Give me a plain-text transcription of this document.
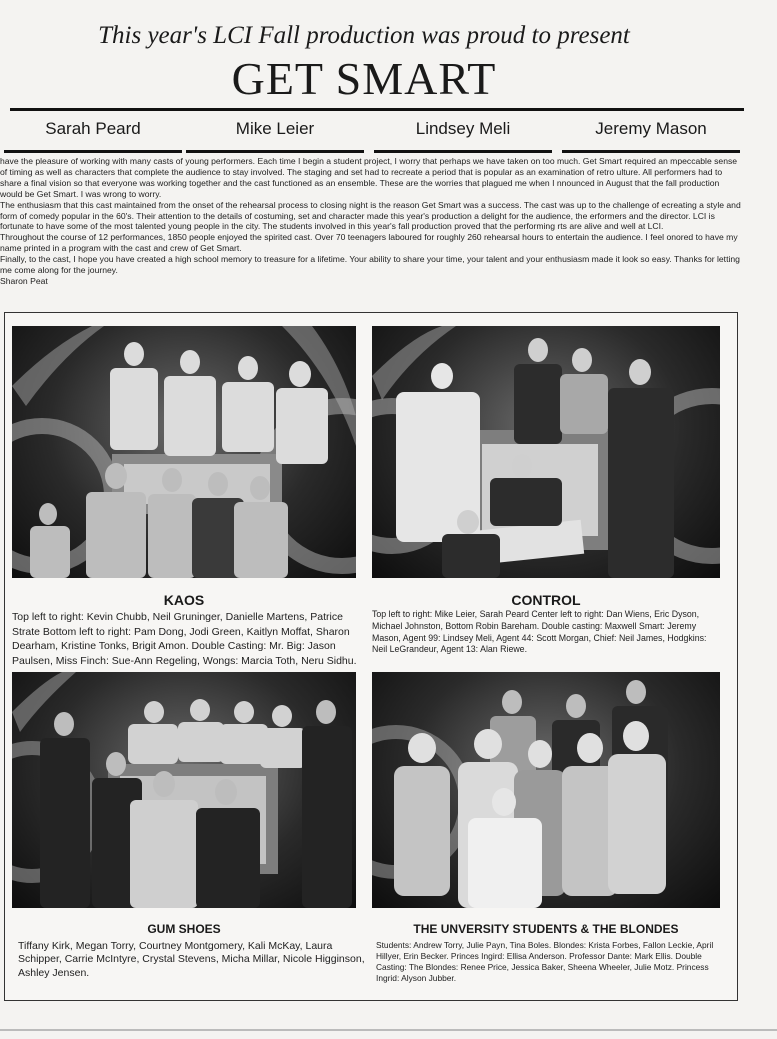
This year's LCI Fall production was proud to present
GET SMART
Sarah Peard	Mike Leier	Lindsey Meli	Jeremy Mason

have the pleasure of working with many casts of young performers. Each time I begin a student project, I worry that perhaps we have taken on too much. Get Smart required an mpeccable sense of timing as well as characters that complete the audience to stay involved. The staging and set had to recreate a period that is popular as an examination of retro ulture. All performers had to share a final vision so that everyone was working together and the cast functioned as an ensemble. These are the worries that plagued me when I nnounced in August that the fall production would be Get Smart. I was wrong to worry.

The enthusiasm that this cast maintained from the onset of the rehearsal process to closing night is the reason Get Smart was a success. The cast was up to the challenge of ecreating a style and form of comedy popular in the 60's. Their attention to the details of costuming, set and character made this year's production a delight for the audience, the erformers and the director. LCI is fortunate to have some of the most talented young people in the city. The students involved in this year's fall production proved that the performing rts are alive and well at LCI.

Throughout the course of 12 performances, 1850 people enjoyed the spirited cast. Over 70 teenagers laboured for roughly 260 rehearsal hours to entertain the audience. I feel onored to have my name printed in a program with the cast and crew of Get Smart.

Finally, to the cast, I hope you have created a high school memory to treasure for a lifetime. Your ability to share your time, your talent and your enthusiasm made it look so easy. Thanks for letting me come along for the journey.

Sharon Peat

KAOS
Top left to right: Kevin Chubb, Neil Gruninger, Danielle Martens, Patrice Strate Bottom left to right: Pam Dong, Jodi Green, Kaitlyn Moffat, Sharon Dearham, Kristine Tonks, Brigit Amon. Double Casting: Mr. Big: Jason Paulsen, Miss Finch: Sue-Ann Regeling, Wongs: Marcia Toth, Neru Sidhu.
CONTROL
Top left to right: Mike Leier, Sarah Peard Center left to right: Dan Wiens, Eric Dyson, Michael Johnston, Bottom Robin Bareham. Double casting: Maxwell Smart: Jeremy Mason, Agent 99: Lindsey Meli, Agent 44: Scott Morgan, Chief: Neil James, Hodgkins: Neil LeGrandeur, Agent 13: Alan Riewe.
GUM SHOES
Tiffany Kirk, Megan Torry, Courtney Montgomery, Kali McKay, Laura Schipper, Carrie McIntyre, Crystal Stevens, Micha Millar, Nicole Higginson, Ashley Jensen.
THE UNVERSITY STUDENTS & THE BLONDES
Students: Andrew Torry, Julie Payn, Tina Boles. Blondes: Krista Forbes, Fallon Leckie, April Hillyer, Erin Becker. Princes Ingird: Ellisa Anderson. Professor Dante: Mark Ellis. Double Casting: The Blondes: Renee Price, Jessica Baker, Sheena Wheeler, Julie Motz. Princess Ingrid: Alyson Jubber.
